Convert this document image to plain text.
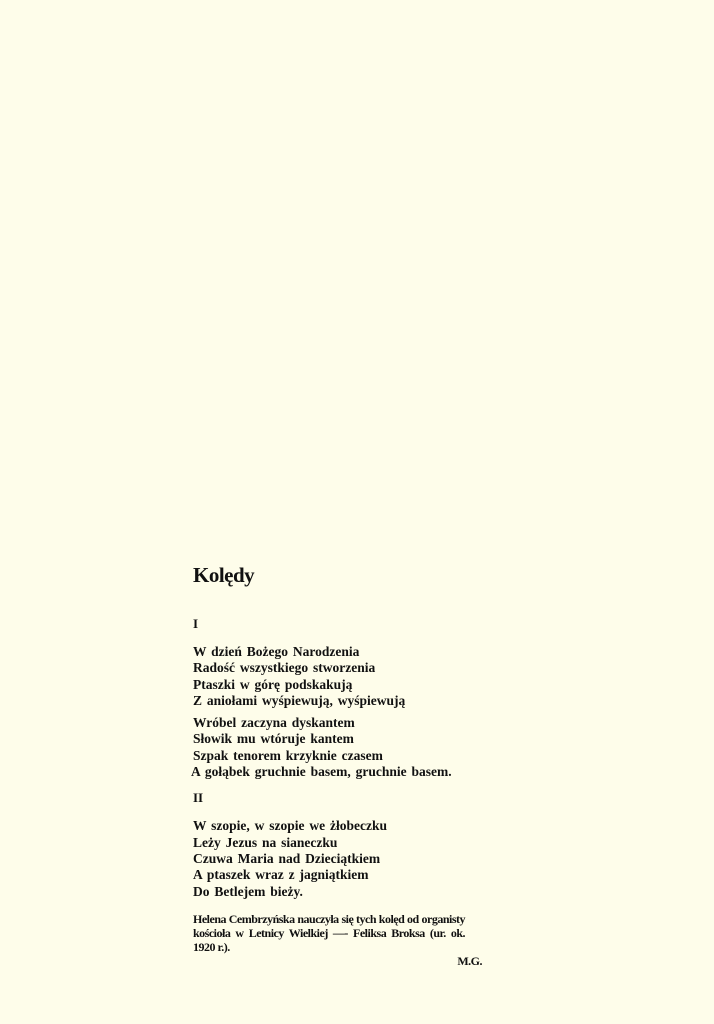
Kolędy
I
W dzień Bożego Narodzenia
Radość wszystkiego stworzenia
Ptaszki w górę podskakują
Z aniołami wyśpiewują, wyśpiewują
Wróbel zaczyna dyskantem
Słowik mu wtóruje kantem
Szpak tenorem krzyknie czasem
A gołąbek gruchnie basem, gruchnie basem.
II
W szopie, w szopie we żłobeczku
Leży Jezus na sianeczku
Czuwa Maria nad Dzieciątkiem
A ptaszek wraz z jagniątkiem
Do Betlejem bieży.
Helena Cembrzyńska nauczyła się tych kolęd od organisty kościoła w Letnicy Wielkiej —- Feliksa Broksa (ur. ok. 1920 r.).
M.G.
